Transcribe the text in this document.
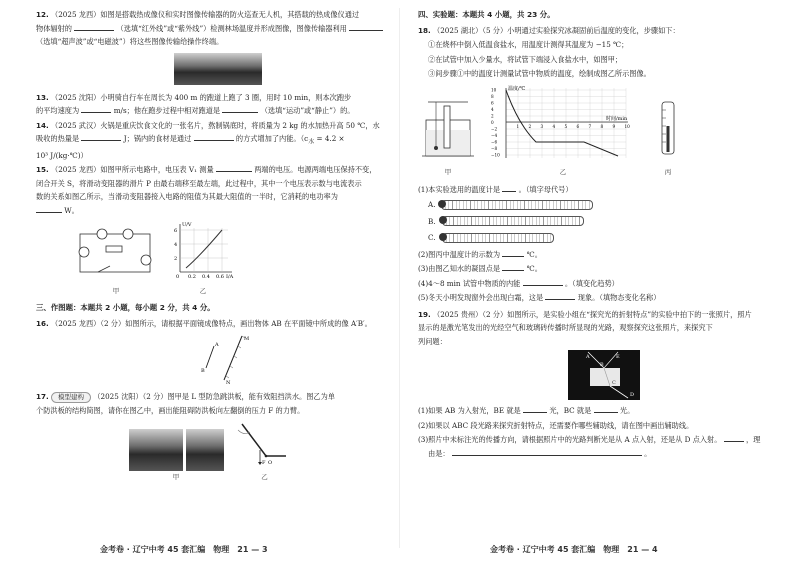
12. （2025 龙西）如图是搭载热成像仪和实时图像传输器的防火巡查无人机，其搭载的热成像仪通过
物体辐射的	（选填“红外线”或“紫外线”）检测林场温度并形成图像，图像传输器利用
（选填“超声波”或“电磁波”）将这些图像传输给操作终端。

13. （2025 沈阳）小明骑自行车在周长为 400 m 的跑道上跑了 3 圈，用时 10 min，则本次跑步
的平均速度为	m/s；他在跑步过程中相对跑道是	（选填“运动”或“静止”）的。

14. （2025 武汉）火锅是重庆饮食文化的一张名片，熬制锅底时，将质量为 2 kg 的水加热升高 50 ℃，水
吸收的热量是	J；锅内的食材是通过	的方式增加了内能。（$c_水 = 4.2$ ×
10³ J/(kg·℃)）

15. （2025 龙西）如图甲所示电路中，电压表 V₁ 测量	两端的电压。电源两端电压保持不变，
闭合开关 S，将滑动变阻器的滑片 P 由最右端移至最左端，此过程中，其中一个电压表示数与电流表示
数的关系如图乙所示，当滑动变阻器接入电路的阻值为其最大阻值的一半时，它消耗的电功率为
W。

甲
U/V
I/A
2
4
6
0 0.2 0.4 0.6
乙

三、作图题：本题共 2 小题，每小题 2 分，共 4 分。

16. （2025 龙西）（2 分）如图所示，请根据平面镜成像特点，画出物体 AB 在平面镜中所成的像 A′B′。

M
N
A
B

17. 模型建构 （2025 沈阳）（2 分）图甲是 L 型防急跳洪板，能有效阻挡洪水。图乙为单
个防洪板的结构简图，请你在图乙中，画出能阻碍防洪板向左翻倒的压力 F 的力臂。

甲
F O
乙
金考卷 · 辽宁中考 45 套汇编　物理　21 — 3

四、实验题：本题共 4 小题，共 23 分。

18. （2025 湖北）（5 分）小明通过实验探究冰凝固前后温度的变化，步骤如下：

①在烧杯中倒入低温食盐水，用温度计测得其温度为 −15 ℃；

②在试管中加入少量水，将试管下端浸入食盐水中，如图甲；

③间步骤①中的温度计测量试管中物质的温度，绘制成图乙所示图像。

甲
温度/℃
时间/min
10
8
6
4
2
0
−2
−4
−6
−8
−10
1 2 3 4 5 6 7 8 9 10
乙	丙

(1)本实验选用的温度计是	。（填字母代号）

A.
B.
C.

(2)图丙中温度计的示数为	℃。

(3)由图乙知水的凝固点是	℃。

(4)4～8 min 试管中物质的内能	。（填变化趋势）

(5)冬天小明发现窗外会出现白霜，这是	现象。（填物态变化名称）

19. （2025 贵州）（2 分）如图所示，是实验小组在“探究光的折射特点”的实验中拍下的一张照片，照片
显示的是激光笔发出的光经空气和玻璃砖传播时所显现的光路，观察探究这张照片，来探究下
列问题：

A	E
B
C
D

(1)如果 AB 为入射光，BE 就是	光，BC 就是	光。

(2)如果以 ABC 段光路来探究折射特点，还需要作哪些辅助线，请在图中画出辅助线。

(3)照片中未标注光的传播方向，请根据照片中的光路判断光是从 A 点入射，还是从 D 点入射。	，理
由是：	。

金考卷 · 辽宁中考 45 套汇编　物理　21 — 4
